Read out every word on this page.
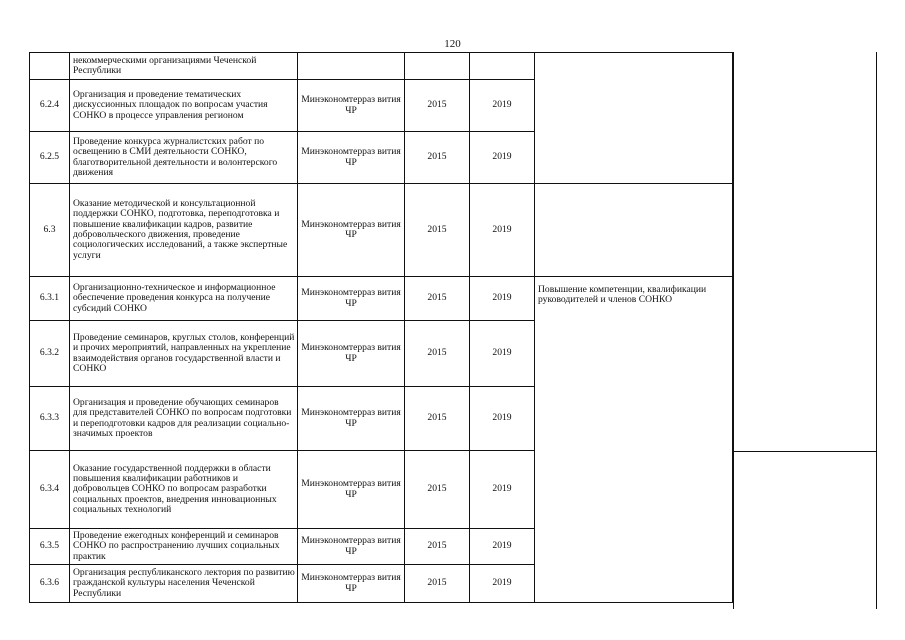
120
	некоммерческими организациями Чеченской Республики				
6.2.4	Организация и проведение тематических дискуссионных площадок по вопросам участия СОНКО в процессе управления регионом	Минэкономтерраз вития ЧР	2015	2019	
6.2.5	Проведение конкурса журналистских работ по освещению в СМИ деятельности СОНКО, благотворительной деятельности и волонтерского движения	Минэкономтерраз вития ЧР	2015	2019	
6.3	Оказание методической и консультационной поддержки СОНКО, подготовка, переподготовка и повышение квалификации кадров, развитие добровольческого движения, проведение социологических исследований, а также экспертные услуги	Минэкономтерраз вития ЧР	2015	2019	
6.3.1	Организационно-техническое и информационное обеспечение проведения конкурса на получение субсидий СОНКО	Минэкономтерраз вития ЧР	2015	2019	Повышение компетенции, квалификации руководителей и членов СОНКО

6.3.2	Проведение семинаров, круглых столов, конференций и прочих мероприятий, направленных на укрепление взаимодействия органов государственной власти и СОНКО	Минэкономтерраз вития ЧР	2015	2019	
6.3.3	Организация и проведение обучающих семинаров для представителей СОНКО по вопросам подготовки и переподготовки кадров для реализации социально-значимых проектов	Минэкономтерраз вития ЧР	2015	2019	
6.3.4	Оказание государственной поддержки в области повышения квалификации работников и добровольцев СОНКО по вопросам разработки социальных проектов, внедрения инновационных социальных технологий	Минэкономтерраз вития ЧР	2015	2019	
6.3.5	Проведение ежегодных конференций и семинаров СОНКО по распространению лучших социальных практик	Минэкономтерраз вития ЧР	2015	2019	
6.3.6	Организация республиканского лектория по развитию гражданской культуры населения Чеченской Республики	Минэкономтерраз вития ЧР	2015	2019	
